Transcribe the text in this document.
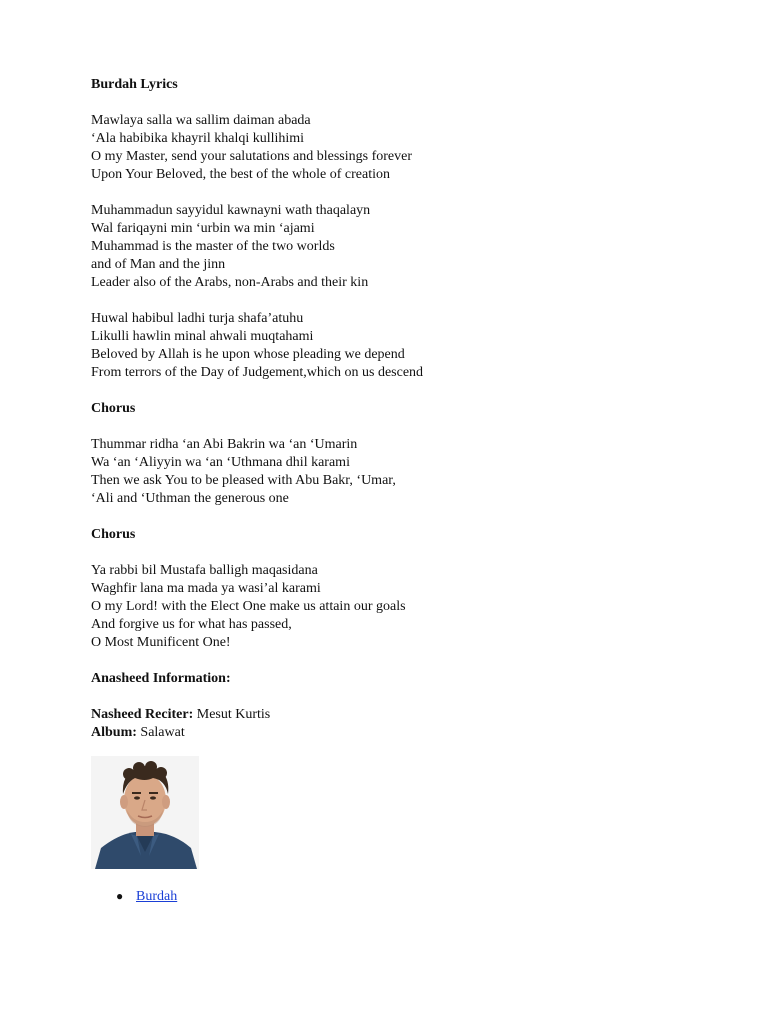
Burdah Lyrics
Mawlaya salla wa sallim daiman abada
‘Ala habibika khayril khalqi kullihimi
O my Master, send your salutations and blessings forever
Upon Your Beloved, the best of the whole of creation
Muhammadun sayyidul kawnayni wath thaqalayn
Wal fariqayni min ‘urbin wa min ‘ajami
Muhammad is the master of the two worlds
and of Man and the jinn
Leader also of the Arabs, non-Arabs and their kin
Huwal habibul ladhi turja shafa’atuhu
Likulli hawlin minal ahwali muqtahami
Beloved by Allah is he upon whose pleading we depend
From terrors of the Day of Judgement,which on us descend
Chorus
Thummar ridha ‘an Abi Bakrin wa ‘an ‘Umarin
Wa ‘an ‘Aliyyin wa ‘an ‘Uthmana dhil karami
Then we ask You to be pleased with Abu Bakr, ‘Umar,
‘Ali and ‘Uthman the generous one
Chorus
Ya rabbi bil Mustafa balligh maqasidana
Waghfir lana ma mada ya wasi’al karami
O my Lord! with the Elect One make us attain our goals
And forgive us for what has passed,
O Most Munificent One!
Anasheed Information:
Nasheed Reciter: Mesut Kurtis
Album: Salawat
● Burdah
